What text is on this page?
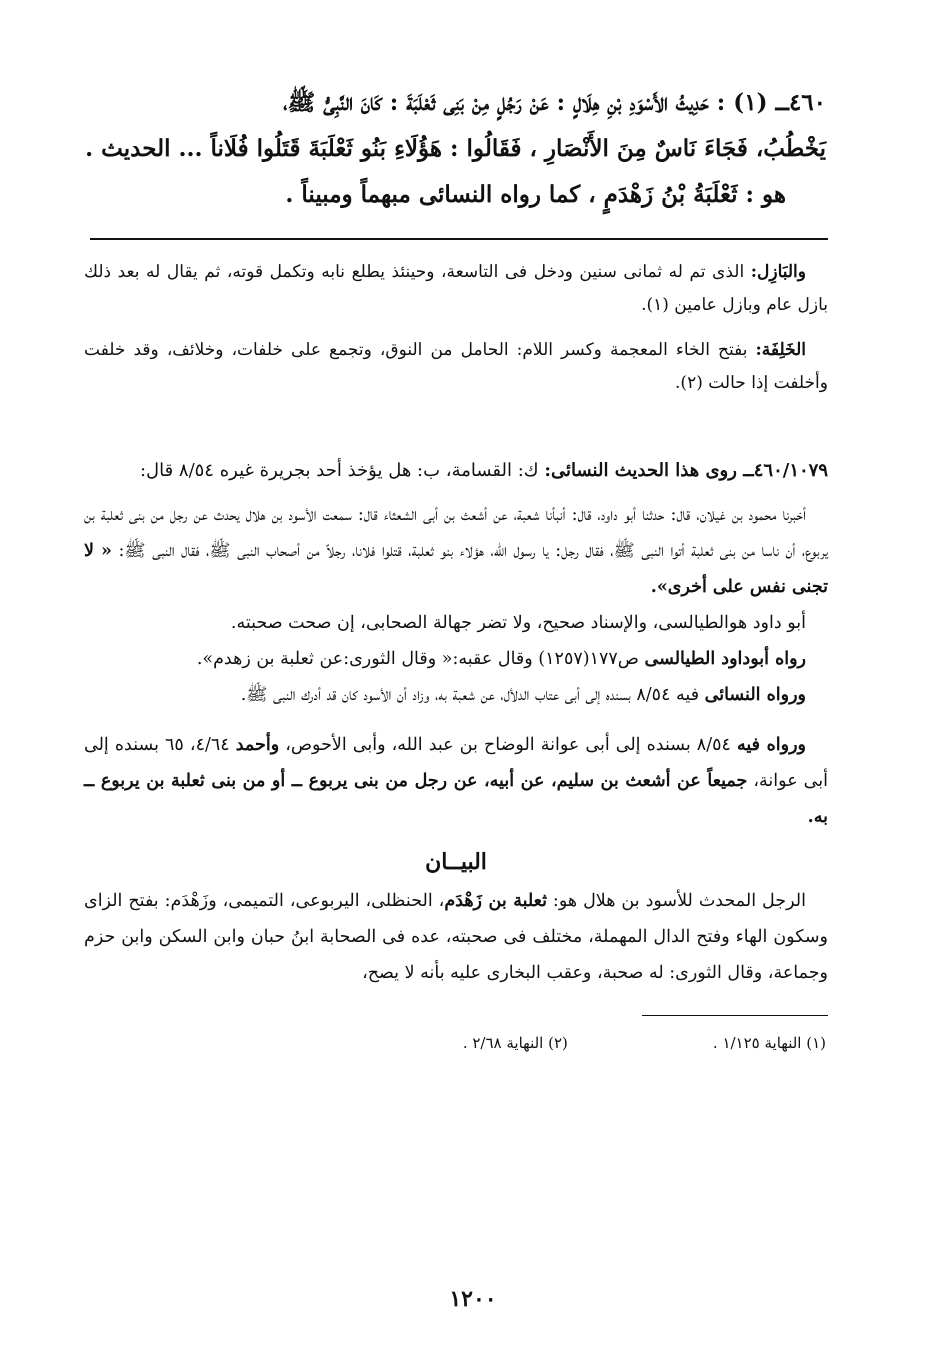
٤٦٠ــ (١) : حَدِيثُ الأَسْوَدِ بْنِ هِلَالٍ : عَنْ رَجُلٍ مِنْ بَنِى ثَعْلَبَةَ : كَانَ النَّبِىُّ ﷺ،

يَخْطُبُ، فَجَاءَ نَاسٌ مِنَ الأَنْصَارِ ، فَقَالُوا : هَؤُلَاءِ بَنُو ثَعْلَبَةَ قَتَلُوا فُلَاناً ... الحديث .

هو : ثَعْلَبَةُ بْنُ زَهْدَمٍ ، كما رواه النسائى مبهماً ومبيناً .

والبَازِل: الذى تم له ثمانى سنين ودخل فى التاسعة، وحينئذ يطلع نابه وتكمل قوته، ثم يقال له بعد ذلك بازل عام وبازل عامين (١).

الخَلِفَة: بفتح الخاء المعجمة وكسر اللام: الحامل من النوق، وتجمع على خلفات، وخلائف، وقد خلفت وأخلفت إذا حالت (٢).

٤٦٠/١٠٧٩ــ روى هذا الحديث النسائى: ك: القسامة، ب: هل يؤخذ أحد بجريرة غيره ٨/٥٤ قال:

أخبرنا محمود بن غيلان، قال: حدثنا أبو داود، قال: أنبأنا شعبة، عن أشعث بن أبى الشعثاء قال: سمعت الأسود بن هلال يحدث عن رجل من بنى ثعلبة بن يربوع، أن ناسا من بنى ثعلبة أتوا النبى ﷺ، فقال رجل: يا رسول الله، هؤلاء بنو ثعلبة، قتلوا فلانا، رجلاً من أصحاب النبى ﷺ، فقال النبى ﷺ: « لا تجنى نفس على أخرى».

أبو داود هوالطيالسى، والإسناد صحيح، ولا تضر جهالة الصحابى، إن صحت صحبته.

رواه أبوداود الطيالسى ص١٧٧(١٢٥٧) وقال عقبه:« وقال الثورى:عن ثعلبة بن زهدم».

ورواه النسائى فيه ٨/٥٤ بسنده إلى أبى عتاب الدلأل، عن شعبة به، وزاد أن الأسود كان قد أدرك النبى ﷺ.

ورواه فيه ٨/٥٤ بسنده إلى أبى عوانة الوضاح بن عبد الله، وأبى الأحوص، وأحمد ٤/٦٤، ٦٥ بسنده إلى أبى عوانة، جميعاً عن أشعث بن سليم، عن أبيه، عن رجل من بنى يربوع ــ أو من بنى ثعلبة بن يربوع ــ به.

البيــان

الرجل المحدث للأسود بن هلال هو: ثعلبة بن زَهْدَم، الحنظلى، اليربوعى، التميمى، وزَهْدَم: بفتح الزاى وسكون الهاء وفتح الدال المهملة، مختلف فى صحبته، عده فى الصحابة ابنُ حبان وابن السكن وابن حزم وجماعة، وقال الثورى: له صحبة، وعقب البخارى عليه بأنه لا يصح،

(١) النهاية ١/١٢٥ .
(٢) النهاية ٢/٦٨ .
١٢٠٠
